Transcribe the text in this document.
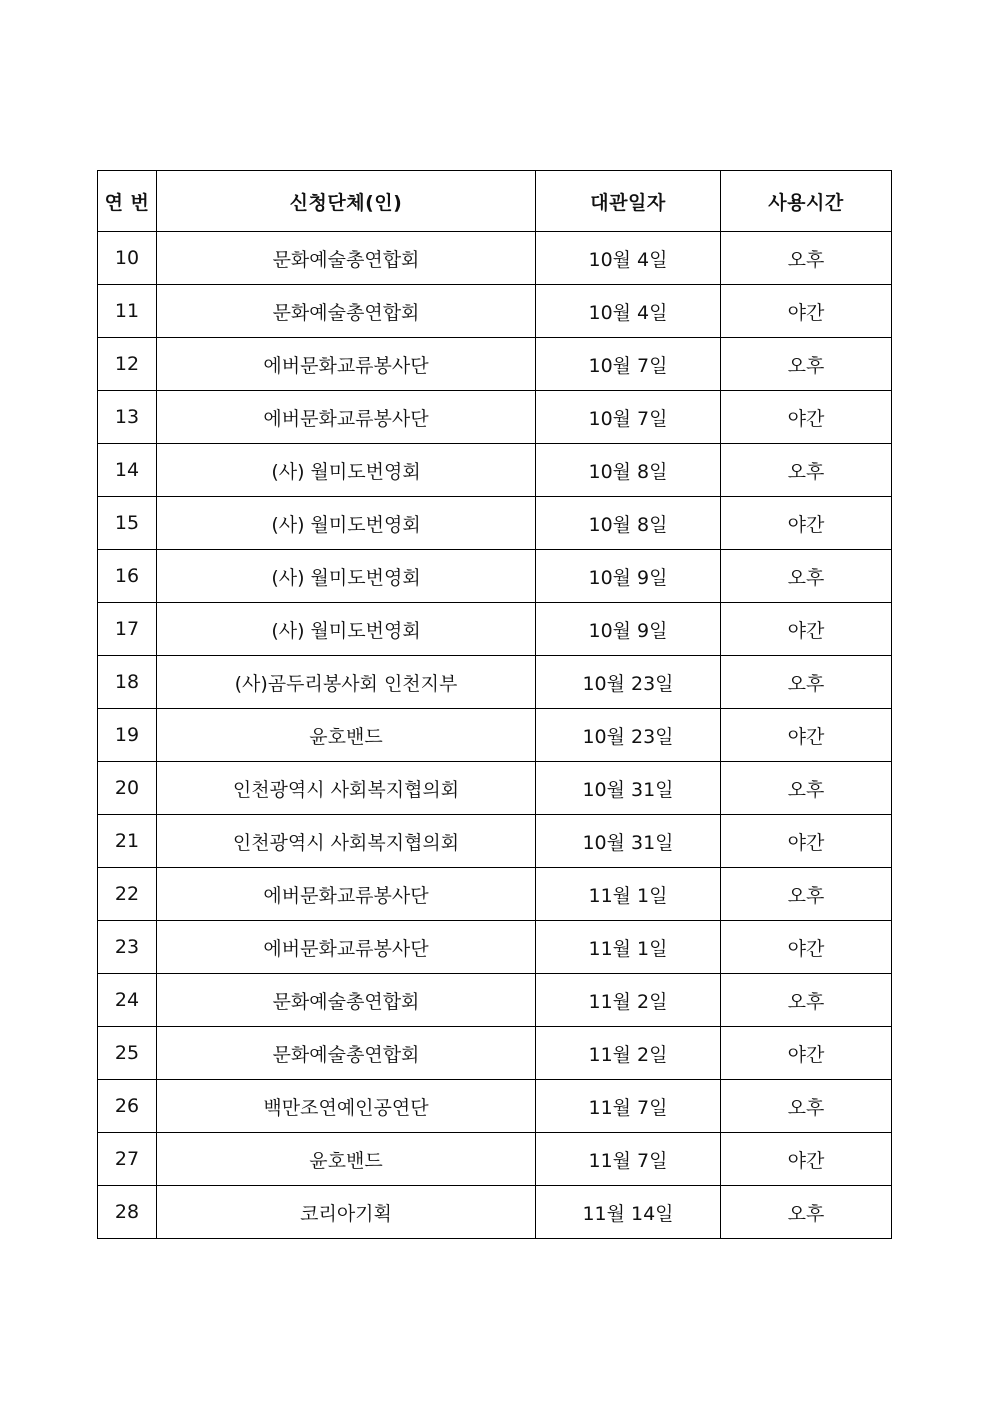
연 번	신청단체(인)	대관일자	사용시간
10	문화예술총연합회	10월 4일	오후
11	문화예술총연합회	10월 4일	야간
12	에버문화교류봉사단	10월 7일	오후
13	에버문화교류봉사단	10월 7일	야간
14	(사) 월미도번영회	10월 8일	오후
15	(사) 월미도번영회	10월 8일	야간
16	(사) 월미도번영회	10월 9일	오후
17	(사) 월미도번영회	10월 9일	야간
18	(사)곰두리봉사회 인천지부	10월 23일	오후
19	윤호밴드	10월 23일	야간
20	인천광역시 사회복지협의회	10월 31일	오후
21	인천광역시 사회복지협의회	10월 31일	야간
22	에버문화교류봉사단	11월 1일	오후
23	에버문화교류봉사단	11월 1일	야간
24	문화예술총연합회	11월 2일	오후
25	문화예술총연합회	11월 2일	야간
26	백만조연예인공연단	11월 7일	오후
27	윤호밴드	11월 7일	야간
28	코리아기획	11월 14일	오후
